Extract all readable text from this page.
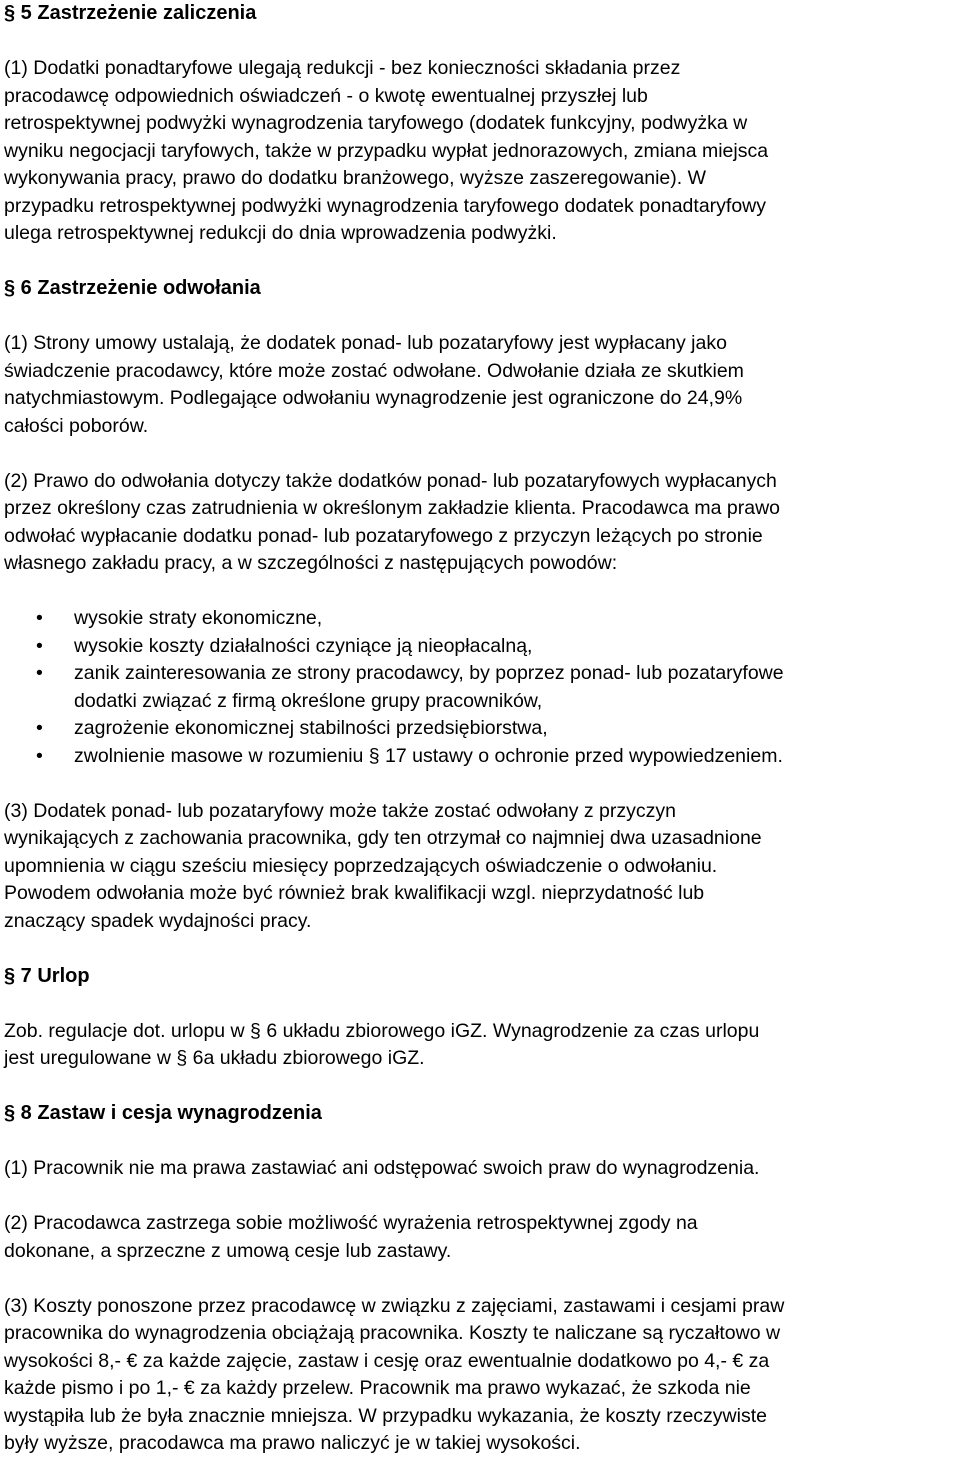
§ 5 Zastrzeżenie zaliczenia

(1) Dodatki ponadtaryfowe ulegają redukcji - bez konieczności składania przez
pracodawcę odpowiednich oświadczeń - o kwotę ewentualnej przyszłej lub
retrospektywnej podwyżki wynagrodzenia taryfowego (dodatek funkcyjny, podwyżka w
wyniku negocjacji taryfowych, także w przypadku wypłat jednorazowych, zmiana miejsca
wykonywania pracy, prawo do dodatku branżowego, wyższe zaszeregowanie). W
przypadku retrospektywnej podwyżki wynagrodzenia taryfowego dodatek ponadtaryfowy
ulega retrospektywnej redukcji do dnia wprowadzenia podwyżki.

§ 6 Zastrzeżenie odwołania

(1) Strony umowy ustalają, że dodatek ponad- lub pozataryfowy jest wypłacany jako
świadczenie pracodawcy, które może zostać odwołane. Odwołanie działa ze skutkiem
natychmiastowym. Podlegające odwołaniu wynagrodzenie jest ograniczone do 24,9%
całości poborów.

(2) Prawo do odwołania dotyczy także dodatków ponad- lub pozataryfowych wypłacanych
przez określony czas zatrudnienia w określonym zakładzie klienta. Pracodawca ma prawo
odwołać wypłacanie dodatku ponad- lub pozataryfowego z przyczyn leżących po stronie
własnego zakładu pracy, a w szczególności z następujących powodów:

• wysokie straty ekonomiczne,
• wysokie koszty działalności czyniące ją nieopłacalną,
• zanik zainteresowania ze strony pracodawcy, by poprzez ponad- lub pozataryfowe
dodatki związać z firmą określone grupy pracowników,
• zagrożenie ekonomicznej stabilności przedsiębiorstwa,
• zwolnienie masowe w rozumieniu § 17 ustawy o ochronie przed wypowiedzeniem.

(3) Dodatek ponad- lub pozataryfowy może także zostać odwołany z przyczyn
wynikających z zachowania pracownika, gdy ten otrzymał co najmniej dwa uzasadnione
upomnienia w ciągu sześciu miesięcy poprzedzających oświadczenie o odwołaniu.
Powodem odwołania może być również brak kwalifikacji wzgl. nieprzydatność lub
znaczący spadek wydajności pracy.

§ 7 Urlop

Zob. regulacje dot. urlopu w § 6 układu zbiorowego iGZ. Wynagrodzenie za czas urlopu
jest uregulowane w § 6a układu zbiorowego iGZ.

§ 8 Zastaw i cesja wynagrodzenia

(1) Pracownik nie ma prawa zastawiać ani odstępować swoich praw do wynagrodzenia.

(2) Pracodawca zastrzega sobie możliwość wyrażenia retrospektywnej zgody na
dokonane, a sprzeczne z umową cesje lub zastawy.

(3) Koszty ponoszone przez pracodawcę w związku z zajęciami, zastawami i cesjami praw
pracownika do wynagrodzenia obciążają pracownika. Koszty te naliczane są ryczałtowo w
wysokości 8,- € za każde zajęcie, zastaw i cesję oraz ewentualnie dodatkowo po 4,- € za
każde pismo i po 1,- € za każdy przelew. Pracownik ma prawo wykazać, że szkoda nie
wystąpiła lub że była znacznie mniejsza. W przypadku wykazania, że koszty rzeczywiste
były wyższe, pracodawca ma prawo naliczyć je w takiej wysokości.
